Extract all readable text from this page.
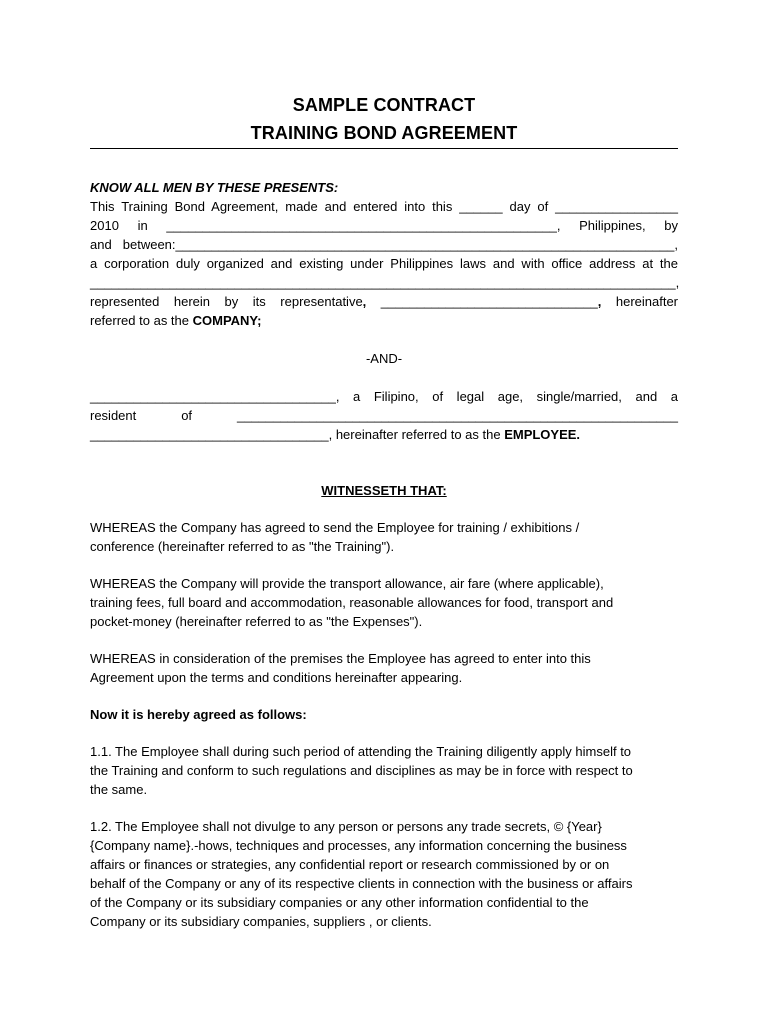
SAMPLE CONTRACT
TRAINING BOND AGREEMENT

KNOW ALL MEN BY THESE PRESENTS:

This Training Bond Agreement, made and entered into this ______ day of _________________

2010 in ______________________________________________________, Philippines, by

and between:_____________________________________________________________________,

a corporation duly organized and existing under Philippines laws and with office address at the

_________________________________________________________________________________,

represented herein by its representative, ______________________________, hereinafter

referred to as the COMPANY;

-AND-

__________________________________, a Filipino, of legal age, single/married, and a

resident of _____________________________________________________________

_________________________________, hereinafter referred to as the EMPLOYEE.

WITNESSETH THAT:

WHEREAS the Company has agreed to send the Employee for training / exhibitions /

conference (hereinafter referred to as "the Training").

WHEREAS the Company will provide the transport allowance, air fare (where applicable),

training fees, full board and accommodation, reasonable allowances for food, transport and

pocket-money (hereinafter referred to as "the Expenses").

WHEREAS in consideration of the premises the Employee has agreed to enter into this

Agreement upon the terms and conditions hereinafter appearing.

Now it is hereby agreed as follows:

1.1. The Employee shall during such period of attending the Training diligently apply himself to

the Training and conform to such regulations and disciplines as may be in force with respect to

the same.

1.2. The Employee shall not divulge to any person or persons any trade secrets, © {Year}

{Company name}.-hows, techniques and processes, any information concerning the business

affairs or finances or strategies, any confidential report or research commissioned by or on

behalf of the Company or any of its respective clients in connection with the business or affairs

of the Company or its subsidiary companies or any other information confidential to the

Company or its subsidiary companies, suppliers , or clients.
